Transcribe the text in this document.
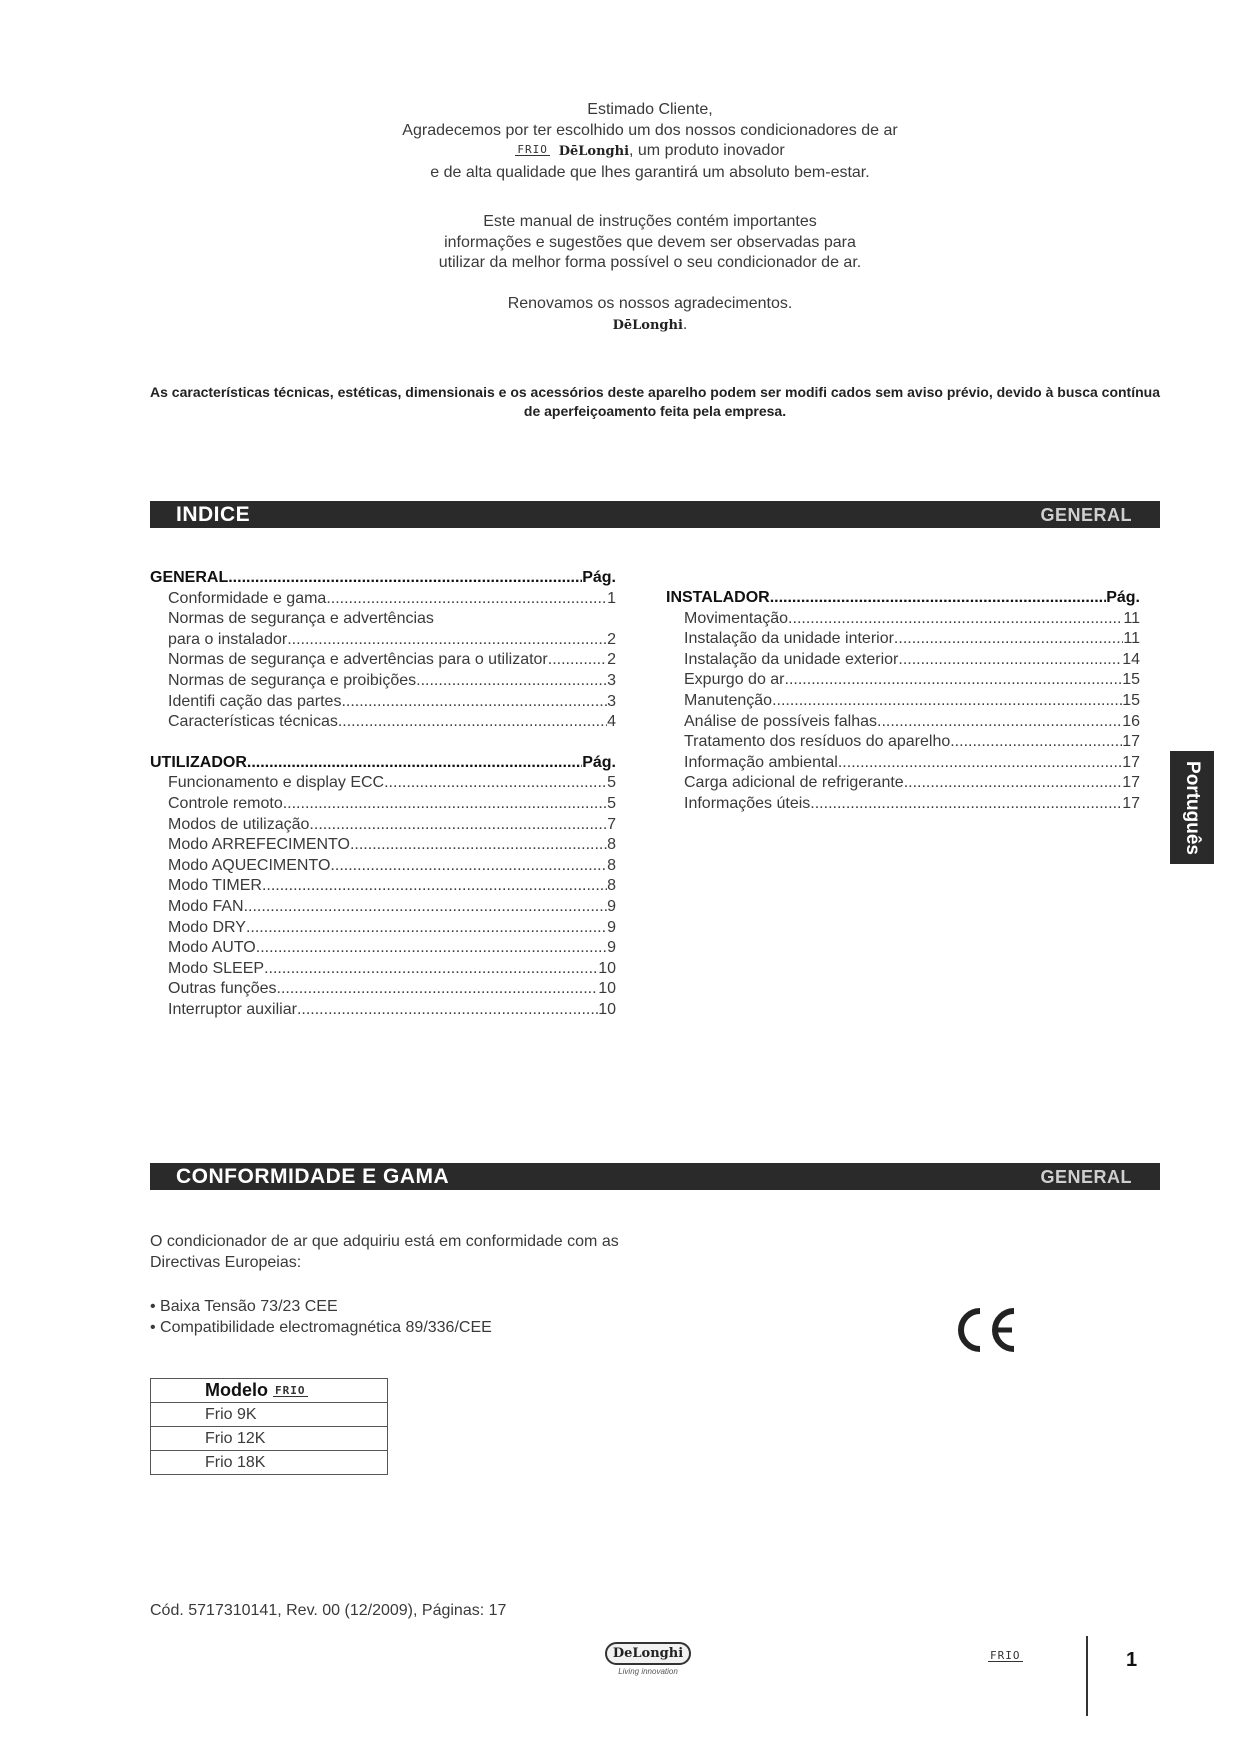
Estimado Cliente,

Agradecemos por ter escolhido um dos nossos condicionadores de ar

FRIO DēLonghi, um produto inovador

e de alta qualidade que lhes garantirá um absoluto bem-estar.

Este manual de instruções contém importantes

informações e sugestões que devem ser observadas para

utilizar da melhor forma possível o seu condicionador de ar.

Renovamos os nossos agradecimentos.

DēLonghi.

As características técnicas, estéticas, dimensionais e os acessórios deste aparelho podem ser modifi cados sem aviso prévio, devido à busca contínua de aperfeiçoamento feita pela empresa.
INDICE	GENERAL
GENERAL .....	Pág.
Conformidade e gama .....	1
Normas de segurança e advertências
para o instalador .....	2
Normas de segurança e advertências para o utilizator .....	2
Normas de segurança e proibições .....	3
Identifi cação das partes .....	3
Características técnicas .....	4
UTILIZADOR .....	Pág.
Funcionamento e display ECC .....	5
Controle remoto .....	5
Modos de utilização .....	7
Modo ARREFECIMENTO .....	8
Modo AQUECIMENTO .....	8
Modo TIMER .....	8
Modo FAN .....	9
Modo DRY .....	9
Modo AUTO .....	9
Modo SLEEP .....	10
Outras funções .....	10
Interruptor auxiliar .....	10
INSTALADOR .....	Pág.
Movimentação .....	11
Instalação da unidade interior .....	11
Instalação da unidade exterior .....	14
Expurgo do ar .....	15
Manutenção .....	15
Análise de possíveis falhas .....	16
Tratamento dos resíduos do aparelho .....	17
Informação ambiental .....	17
Carga adicional de refrigerante .....	17
Informações úteis .....	17 Português
CONFORMIDADE E GAMA	GENERAL

O condicionador de ar que adquiriu está em conformidade com as

Directivas Europeias:

• Baixa Tensão 73/23 CEE

• Compatibilidade electromagnética 89/336/CEE

Modelo FRIO
Frio 9K
Frio 12K
Frio 18K
Cód. 5717310141, Rev. 00 (12/2009), Páginas: 17
DeLonghi
Living innovation
FRIO	1
